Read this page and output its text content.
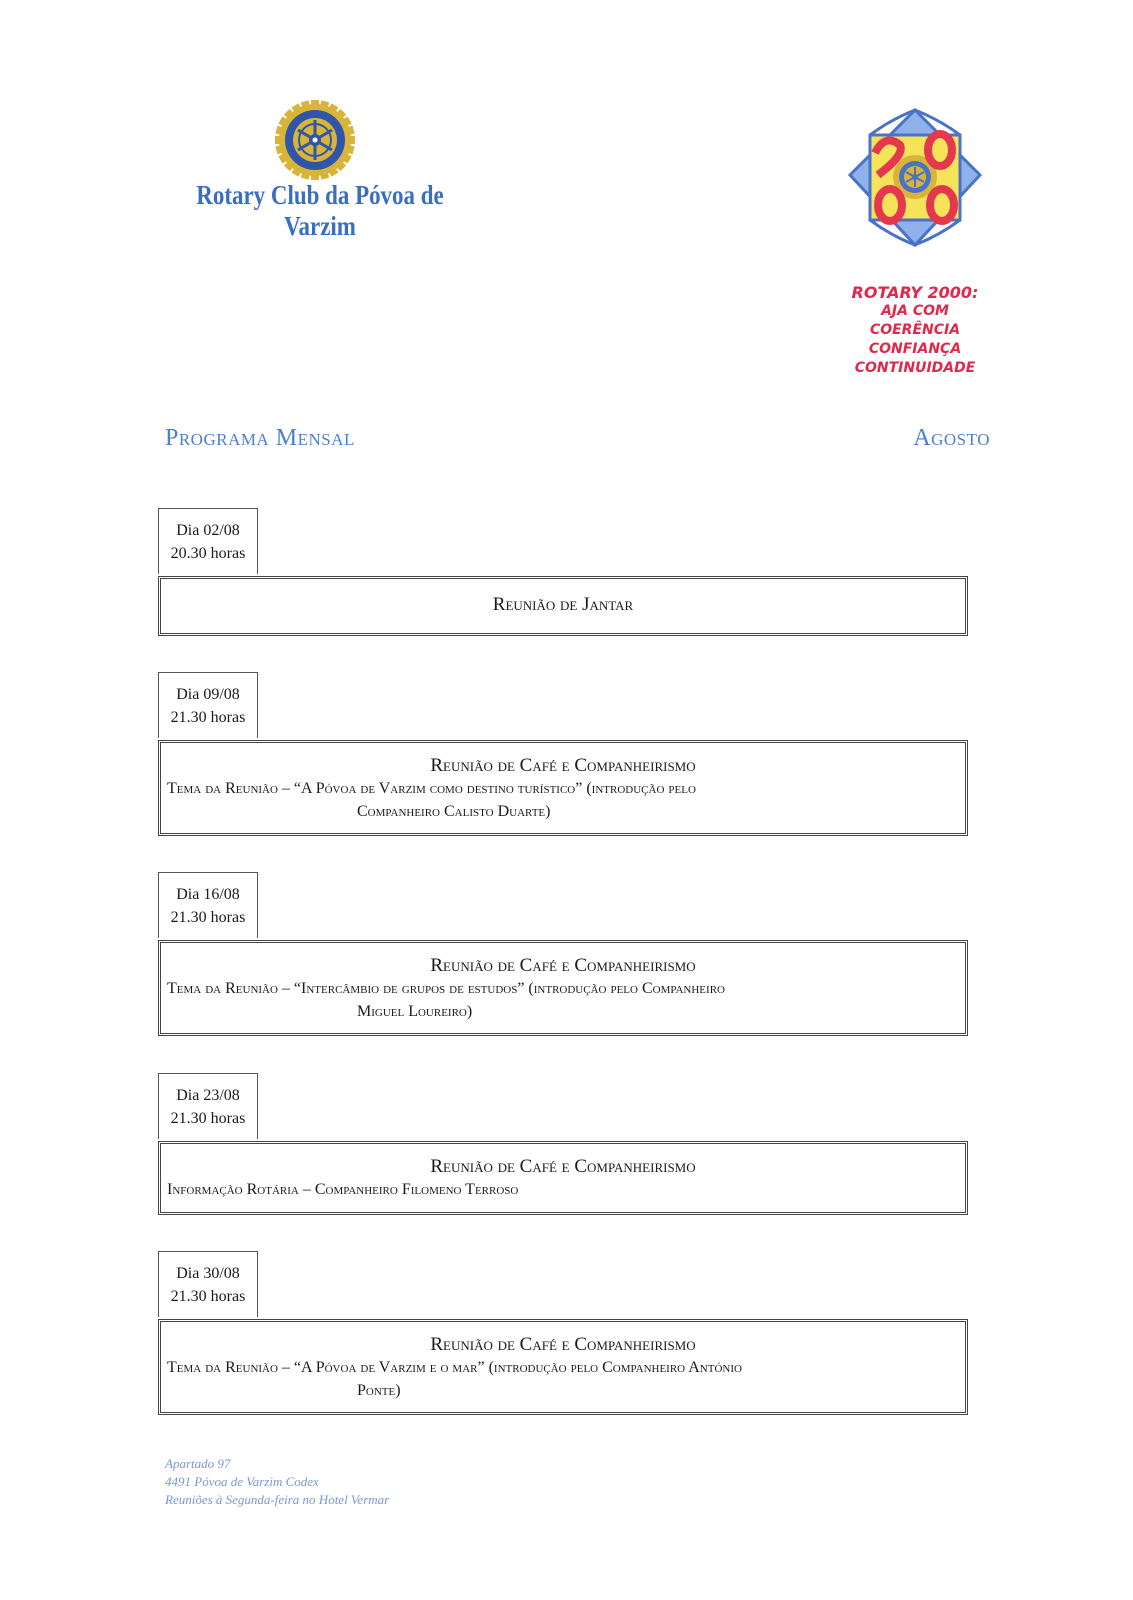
Rotary Club da Póvoa de Varzim
ROTARY 2000:
AJA COM
COERÊNCIA
CONFIANÇA
CONTINUIDADE
Programa Mensal	Agosto
Dia 02/08
20.30 horas
Reunião de Jantar
Dia 09/08
21.30 horas
Reunião de Café e Companheirismo
Tema da Reunião – “A Póvoa de Varzim como destino turístico” (introdução pelo
Companheiro Calisto Duarte)
Dia 16/08
21.30 horas
Reunião de Café e Companheirismo
Tema da Reunião – “Intercâmbio de grupos de estudos” (introdução pelo Companheiro
Miguel Loureiro)
Dia 23/08
21.30 horas
Reunião de Café e Companheirismo
Informação Rotária – Companheiro Filomeno Terroso
Dia 30/08
21.30 horas
Reunião de Café e Companheirismo
Tema da Reunião – “A Póvoa de Varzim e o mar” (introdução pelo Companheiro António
Ponte)
Apartado 97
4491 Póvoa de Varzim Codex
Reuniões à Segunda-feira no Hotel Vermar
